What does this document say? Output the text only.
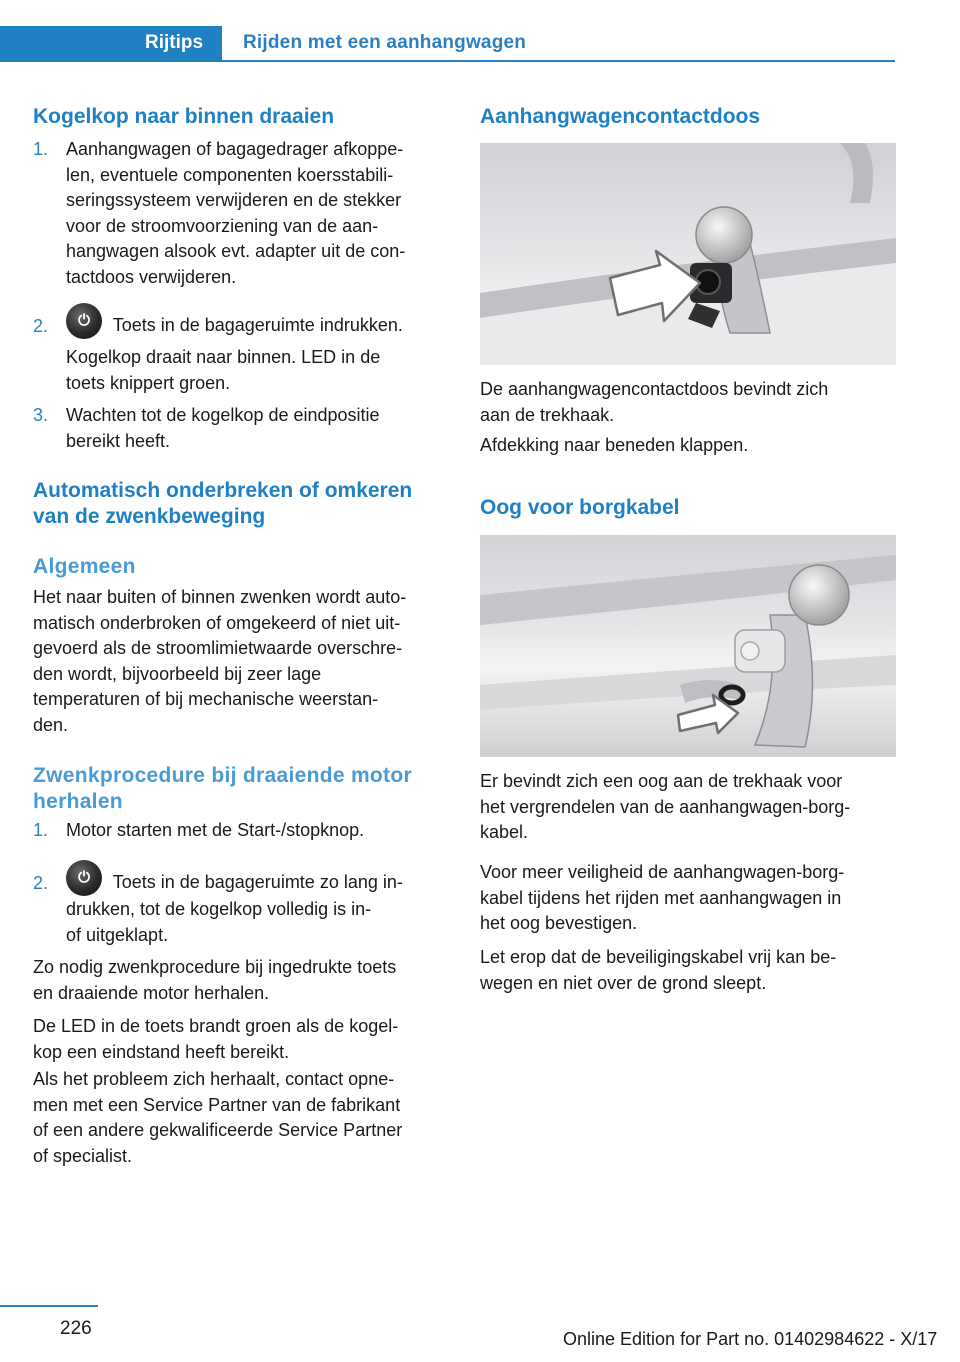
Rijtips Rijden met een aanhangwagen
Kogelkop naar binnen draaien
1. Aanhangwagen of bagagedrager afkoppe-
len, eventuele componenten koersstabili-
seringssysteem verwijderen en de stekker
voor de stroomvoorziening van de aan-
hangwagen alsook evt. adapter uit de con-
tactdoos verwijderen.
2.	⏻	Toets in de bagageruimte indrukken.
Kogelkop draait naar binnen. LED in de
toets knippert groen.
3. Wachten tot de kogelkop de eindpositie
bereikt heeft.
Automatisch onderbreken of omkeren
van de zwenkbeweging
Algemeen
Het naar buiten of binnen zwenken wordt auto-
matisch onderbroken of omgekeerd of niet uit-
gevoerd als de stroomlimietwaarde overschre-
den wordt, bijvoorbeeld bij zeer lage
temperaturen of bij mechanische weerstan-
den.
Zwenkprocedure bij draaiende motor
herhalen
1. Motor starten met de Start-/stopknop.
2.	⏻	Toets in de bagageruimte zo lang in-
drukken, tot de kogelkop volledig is in-
of uitgeklapt.
Zo nodig zwenkprocedure bij ingedrukte toets
en draaiende motor herhalen.
De LED in de toets brandt groen als de kogel-
kop een eindstand heeft bereikt.
Als het probleem zich herhaalt, contact opne-
men met een Service Partner van de fabrikant
of een andere gekwalificeerde Service Partner
of specialist.
Aanhangwagencontactdoos
De aanhangwagencontactdoos bevindt zich
aan de trekhaak.
Afdekking naar beneden klappen.
Oog voor borgkabel
Er bevindt zich een oog aan de trekhaak voor
het vergrendelen van de aanhangwagen-borg-
kabel.
Voor meer veiligheid de aanhangwagen-borg-
kabel tijdens het rijden met aanhangwagen in
het oog bevestigen.
Let erop dat de beveiligingskabel vrij kan be-
wegen en niet over de grond sleept.
226	Online Edition for Part no. 01402984622 - X/17
